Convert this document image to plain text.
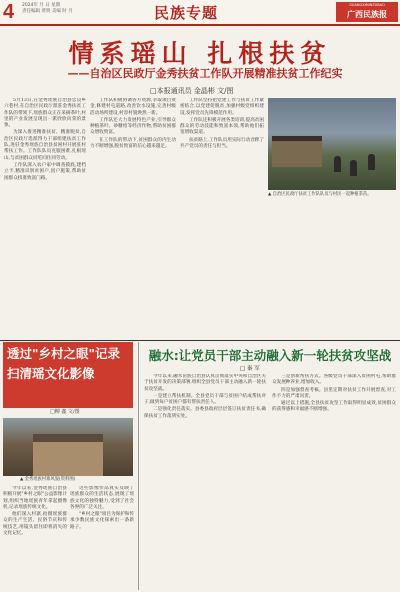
4 2024年 月 日 星期
责任编辑 黄明 美编 时 月	民族专题	GUANGXIMINZUBAO
广西民族报
情系瑶山 扎根扶贫
——自治区民政厅金秀扶贫工作队开展精准扶贫工作纪实
□本报通讯员 金晶彬 文/图

5月13日,在金秀瑶族自治县忠良乡六巷村,在自治区民政厅派驻金秀扶贫工作队的带领下,瑶族群众正在采摘茶叶,村里的产业发展呈现出一派欣欣向荣的景象。

为深入推进精准扶贫、精准脱贫,自治区民政厅选派得力干部组建扶贫工作队,进驻金秀瑶族自治县贫困村开展驻村帮扶工作。工作队队员克服困难,扎根瑶山,与贫困群众同吃同住同劳动。

工作队深入农户家中调查摸底,建档立卡,精准识别贫困户,因户施策,帮助贫困群众找准致富门路。

工作队积极协调各方资源,争取项目资金,修建村屯道路,改善饮水设施,完善村级活动场所建设,村容村貌焕然一新。

工作队还大力发展特色产业,引导群众种植茶叶、砂糖桔等经济作物,帮助贫困群众增收致富。

在工作队的带动下,贫困群众的内生动力不断增强,脱贫致富的信心越来越足。

工作队坚持把党建工作与扶贫工作紧密结合,以党建促脱贫,加强村级党组织建设,发挥党员先锋模范作用。

工作队还积极开展各类培训,提高贫困群众的劳动技能和致富本领,帮助他们拓宽增收渠道。

扶贫路上,工作队员用实际行动诠释了共产党员的责任与担当。

▲ 自治区民政厅扶贫工作队队员与村民一起种植茶苗。
透过"乡村之眼"记录扫清瑶文化影像
□柳 鑫 文/图
▲ 金秀瑶族村寨风貌(资料图)

今年以来,金秀瑶族自治县积极开展"乡村之眼"公益影像计划,组织当地瑶族青年拿起摄像机,记录瑶族传统文化。

他们深入村寨,拍摄瑶族群众的生产生活、民俗节庆和传统技艺,用镜头留住即将消失的文化记忆。

这些影像作品真实反映了瑶族群众的生活状态,展现了瑶族文化的独特魅力,受到了社会各界的广泛关注。

"乡村之眼"项目为保护和传承少数民族文化探索出一条新路子。

融水:让党员干部主动融入新一轮扶贫攻坚战
□ 秦 军

今年以来,融水苗族自治县认真贯彻落实中央和自治区关于扶贫开发的决策部署,组织全县党员干部主动融入新一轮扶贫攻坚战。

一是建立帮扶机制。全县党员干部与贫困户结成帮扶对子,做到每户贫困户都有帮扶责任人。

二是强化责任落实。县委县政府层层签订扶贫责任书,确保扶贫工作落到实处。

三是创新帮扶方式。各级党员干部深入贫困村屯,帮助群众发展种养业,增加收入。

四是加强督查考核。县里定期对扶贫工作开展督查,对工作不力的严肃问责。

通过以上措施,全县扶贫攻坚工作取得明显成效,贫困群众的获得感和幸福感不断增强。
